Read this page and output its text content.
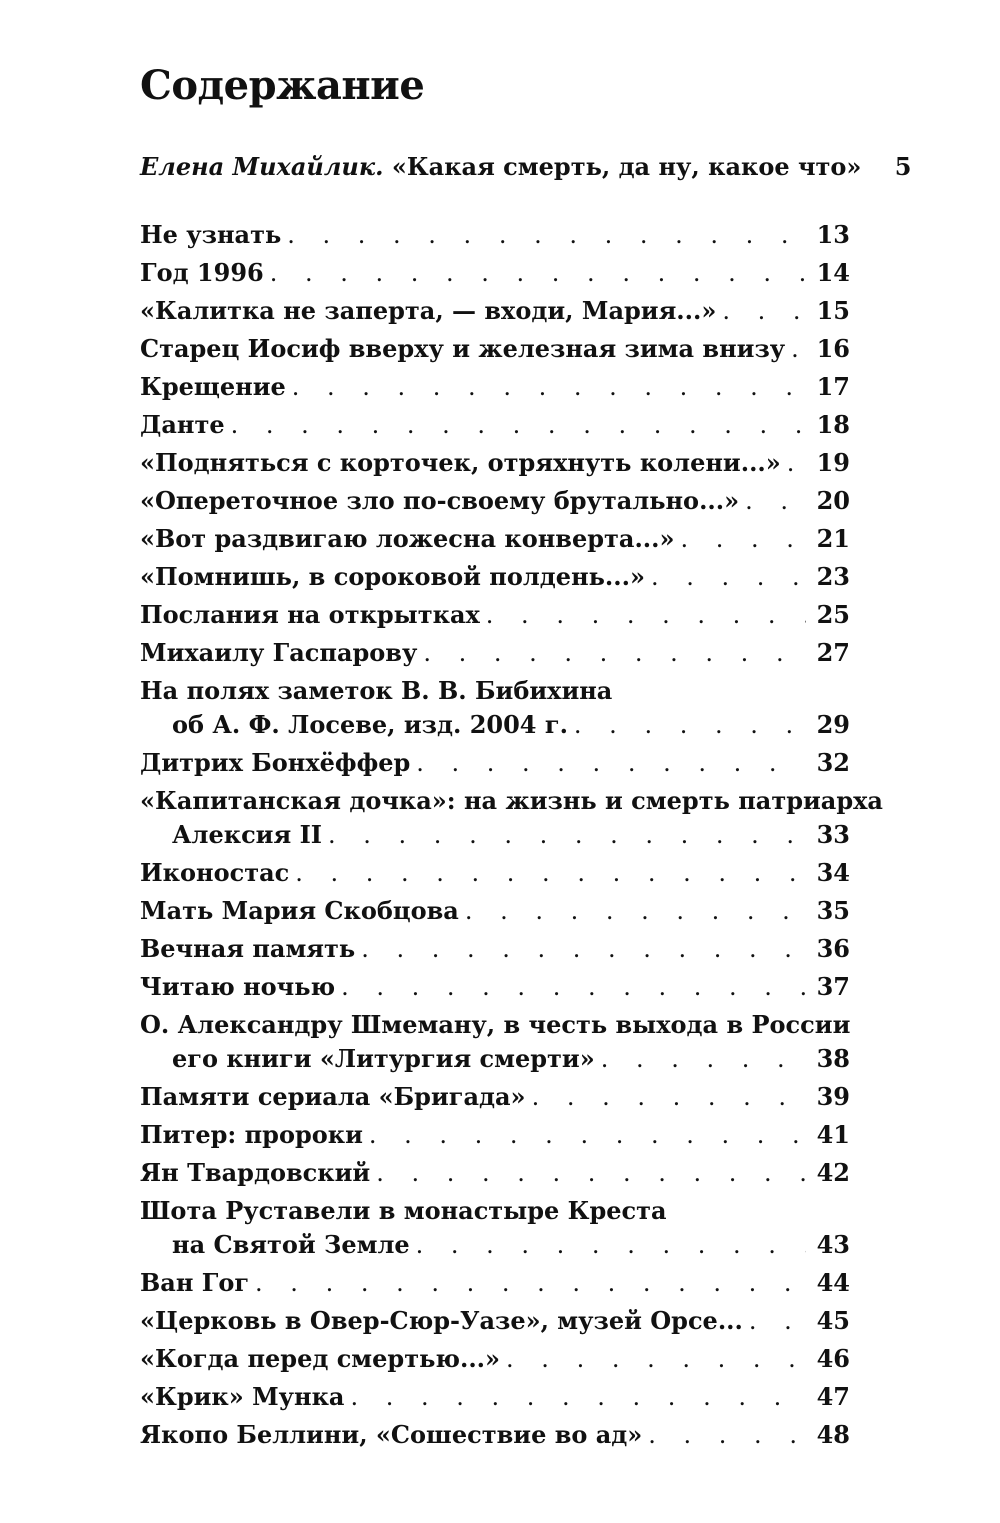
Содержание
Елена Михайлик. «Какая смерть, да ну, какое что»	5
Не узнать . . .	13
Год 1996 . . .	14
«Калитка не заперта, — входи, Мария...» . . .	15
Старец Иосиф вверху и железная зима внизу . . . 16
Крещение . . .	17
Данте . . .	18
«Подняться с корточек, отряхнуть колени...» . . . 19
«Опереточное зло по-своему брутально...» . . .	20
«Вот раздвигаю ложесна конверта...» . . .	21
«Помнишь, в сороковой полдень...» . . .	23
Послания на открытках . . .	25
Михаилу Гаспарову . . .	27
На полях заметок В. В. Бибихина
об А. Ф. Лосеве, изд. 2004 г. . . .	29
Дитрих Бонхёффер . . .	32
«Капитанская дочка»: на жизнь и смерть патриарха
Алексия II . . .	33
Иконостас . . .	34
Мать Мария Скобцова . . .	35
Вечная память . . .	36
Читаю ночью . . .	37
О. Александру Шмеману, в честь выхода в России
его книги «Литургия смерти» . . .	38
Памяти сериала «Бригада» . . .	39
Питер: пророки . . .	41
Ян Твардовский . . .	42
Шота Руставели в монастыре Креста
на Святой Земле . . .	43
Ван Гог . . .	44
«Церковь в Овер-Сюр-Уазе», музей Орсе... . . .	45
«Когда перед смертью...» . . .	46
«Крик» Мунка . . .	47
Якопо Беллини, «Сошествие во ад» . . .	48
